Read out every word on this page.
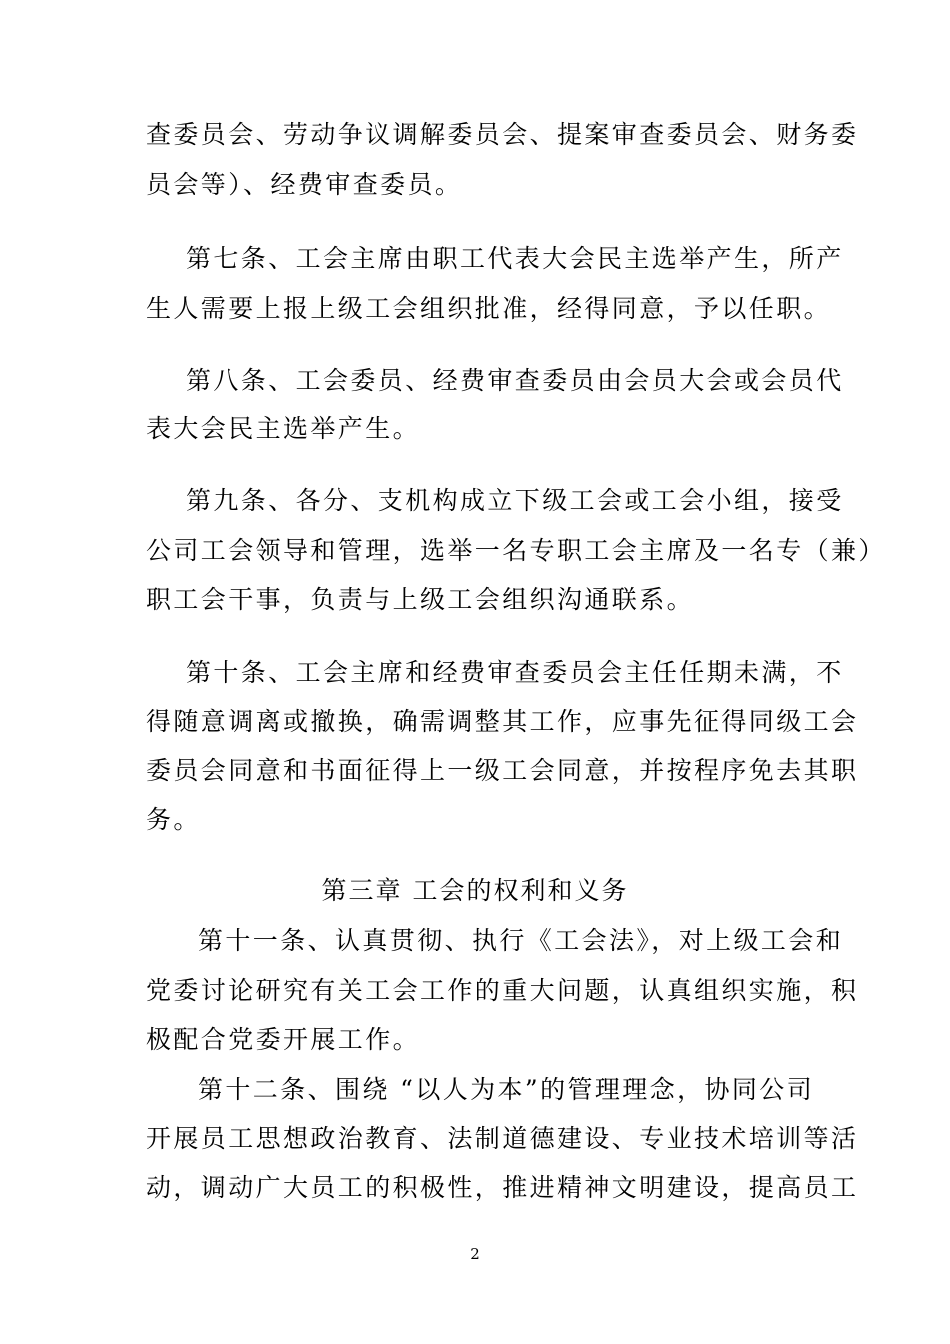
查委员会、劳动争议调解委员会、提案审查委员会、财务委
员会等）、经费审查委员。
第七条、工会主席由职工代表大会民主选举产生，所产
生人需要上报上级工会组织批准，经得同意，予以任职。
第八条、工会委员、经费审查委员由会员大会或会员代
表大会民主选举产生。
第九条、各分、支机构成立下级工会或工会小组，接受
公司工会领导和管理，选举一名专职工会主席及一名专（兼）
职工会干事，负责与上级工会组织沟通联系。
第十条、工会主席和经费审查委员会主任任期未满，不
得随意调离或撤换，确需调整其工作，应事先征得同级工会
委员会同意和书面征得上一级工会同意，并按程序免去其职
务。
第三章 工会的权利和义务
第十一条、认真贯彻、执行《工会法》，对上级工会和
党委讨论研究有关工会工作的重大问题，认真组织实施，积
极配合党委开展工作。
第十二条、围绕 “以人为本”的管理理念，协同公司
开展员工思想政治教育、法制道德建设、专业技术培训等活
动，调动广大员工的积极性，推进精神文明建设，提高员工
2
